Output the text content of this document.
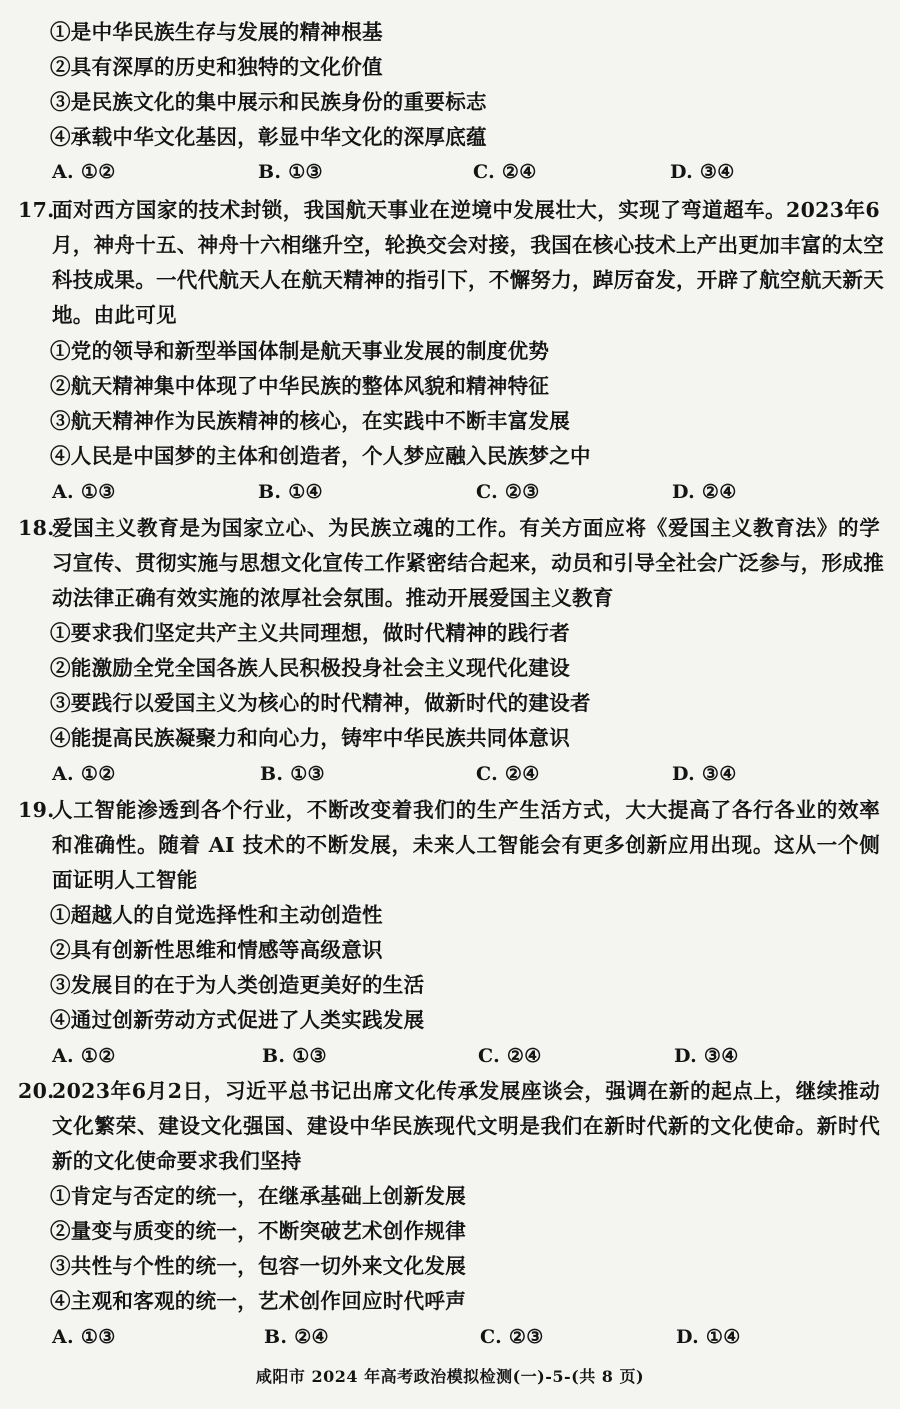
①是中华民族生存与发展的精神根基
②具有深厚的历史和独特的文化价值
③是民族文化的集中展示和民族身份的重要标志
④承载中华文化基因，彰显中华文化的深厚底蕴
A. ①②	B. ①③	C. ②④	D. ③④
17.
面对西方国家的技术封锁，我国航天事业在逆境中发展壮大，实现了弯道超车。2023年6
月，神舟十五、神舟十六相继升空，轮换交会对接，我国在核心技术上产出更加丰富的太空
科技成果。一代代航天人在航天精神的指引下，不懈努力，踔厉奋发，开辟了航空航天新天
地。由此可见
①党的领导和新型举国体制是航天事业发展的制度优势
②航天精神集中体现了中华民族的整体风貌和精神特征
③航天精神作为民族精神的核心，在实践中不断丰富发展
④人民是中国梦的主体和创造者，个人梦应融入民族梦之中
A. ①③	B. ①④	C. ②③	D. ②④
18.
爱国主义教育是为国家立心、为民族立魂的工作。有关方面应将《爱国主义教育法》的学
习宣传、贯彻实施与思想文化宣传工作紧密结合起来，动员和引导全社会广泛参与，形成推
动法律正确有效实施的浓厚社会氛围。推动开展爱国主义教育
①要求我们坚定共产主义共同理想，做时代精神的践行者
②能激励全党全国各族人民积极投身社会主义现代化建设
③要践行以爱国主义为核心的时代精神，做新时代的建设者
④能提高民族凝聚力和向心力，铸牢中华民族共同体意识
A. ①②	B. ①③	C. ②④	D. ③④
19.
人工智能渗透到各个行业，不断改变着我们的生产生活方式，大大提高了各行各业的效率
和准确性。随着 AI 技术的不断发展，未来人工智能会有更多创新应用出现。这从一个侧
面证明人工智能
①超越人的自觉选择性和主动创造性
②具有创新性思维和情感等高级意识
③发展目的在于为人类创造更美好的生活
④通过创新劳动方式促进了人类实践发展
A. ①②	B. ①③	C. ②④	D. ③④
20.
2023年6月2日，习近平总书记出席文化传承发展座谈会，强调在新的起点上，继续推动
文化繁荣、建设文化强国、建设中华民族现代文明是我们在新时代新的文化使命。新时代
新的文化使命要求我们坚持
①肯定与否定的统一，在继承基础上创新发展
②量变与质变的统一，不断突破艺术创作规律
③共性与个性的统一，包容一切外来文化发展
④主观和客观的统一，艺术创作回应时代呼声
A. ①③	B. ②④	C. ②③	D. ①④
咸阳市 2024 年高考政治模拟检测(一)-5-(共 8 页)
